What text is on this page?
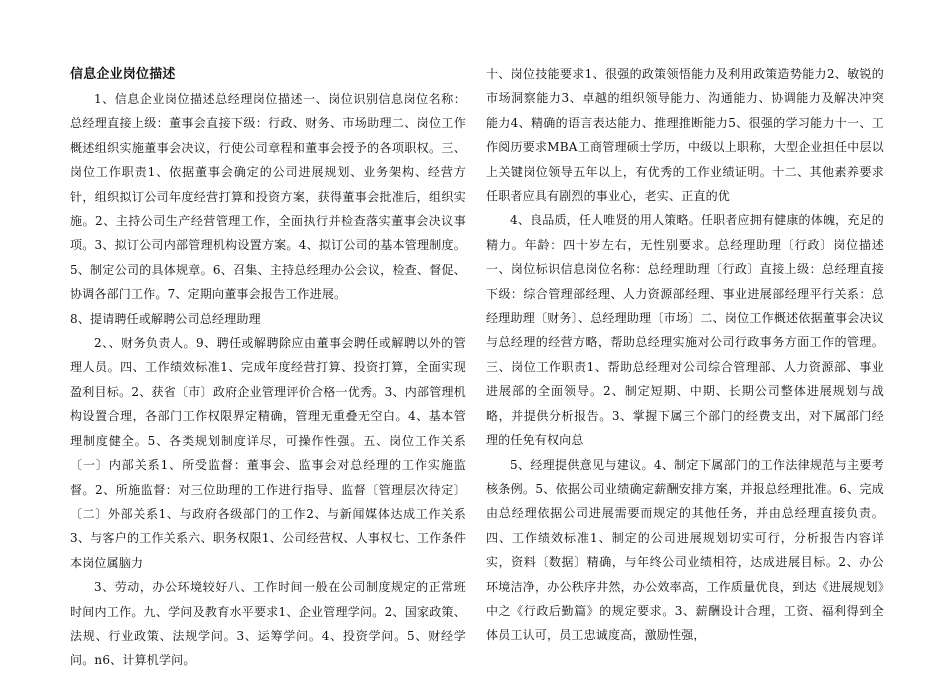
信息企业岗位描述

1、信息企业岗位描述总经理岗位描述一、岗位识别信息岗位名称：总经理直接上级：董事会直接下级：行政、财务、市场助理二、岗位工作概述组织实施董事会决议，行使公司章程和董事会授予的各项职权。三、岗位工作职责1、依据董事会确定的公司进展规划、业务架构、经营方针，组织拟订公司年度经营打算和投资方案，获得董事会批准后，组织实施。2、主持公司生产经营管理工作，全面执行并检查落实董事会决议事项。3、拟订公司内部管理机构设置方案。4、拟订公司的基本管理制度。5、制定公司的具体规章。6、召集、主持总经理办公会议，检查、督促、协调各部门工作。7、定期向董事会报告工作进展。

8、提请聘任或解聘公司总经理助理

2、、财务负责人。9、聘任或解聘除应由董事会聘任或解聘以外的管理人员。四、工作绩效标准1、完成年度经营打算、投资打算，全面实现盈利目标。2、获省〔市〕政府企业管理评价合格一优秀。3、内部管理机构设置合理，各部门工作权限界定精确，管理无重叠无空白。4、基本管理制度健全。5、各类规划制度详尽，可操作性强。五、岗位工作关系〔一〕内部关系1、所受监督：董事会、监事会对总经理的工作实施监督。2、所施监督：对三位助理的工作进行指导、监督〔管理层次待定〕〔二〕外部关系1、与政府各级部门的工作2、与新闻媒体达成工作关系3、与客户的工作关系六、职务权限1、公司经营权、人事权七、工作条件本岗位属脑力

3、劳动，办公环境较好八、工作时间一般在公司制度规定的正常班时间内工作。九、学问及教育水平要求1、企业管理学问。2、国家政策、法规、行业政策、法规学问。3、运筹学问。4、投资学问。5、财经学问。n6、计算机学问。

十、岗位技能要求1、很强的政策领悟能力及利用政策造势能力2、敏锐的市场洞察能力3、卓越的组织领导能力、沟通能力、协调能力及解决冲突能力4、精确的语言表达能力、推理推断能力5、很强的学习能力十一、工作阅历要求MBA工商管理硕士学历，中级以上职称，大型企业担任中层以上关键岗位领导五年以上，有优秀的工作业绩证明。十二、其他素养要求　　任职者应具有剧烈的事业心，老实、正直的优

4、良品质，任人唯贤的用人策略。任职者应拥有健康的体魄，充足的精力。年龄：四十岁左右，无性别要求。总经理助理〔行政〕岗位描述一、岗位标识信息岗位名称：总经理助理〔行政〕直接上级：总经理直接下级：综合管理部经理、人力资源部经理、事业进展部经理平行关系：总经理助理〔财务〕、总经理助理〔市场〕二、岗位工作概述依据董事会决议与总经理的经营方略，帮助总经理实施对公司行政事务方面工作的管理。三、岗位工作职责1、帮助总经理对公司综合管理部、人力资源部、事业进展部的全面领导。2、制定短期、中期、长期公司整体进展规划与战略，并提供分析报告。3、掌握下属三个部门的经费支出，对下属部门经理的任免有权向总

5、经理提供意见与建议。4、制定下属部门的工作法律规范与主要考核条例。5、依据公司业绩确定薪酬安排方案，并报总经理批准。6、完成由总经理依据公司进展需要而规定的其他任务，并由总经理直接负责。四、工作绩效标准1、制定的公司进展规划切实可行，分析报告内容详实，资料〔数据〕精确，与年终公司业绩相符，达成进展目标。2、办公环境洁净，办公秩序井然，办公效率高，工作质量优良，到达《进展规划》中之《行政后勤篇》的规定要求。3、薪酬设计合理，工资、福利得到全体员工认可，员工忠诚度高，激励性强，
